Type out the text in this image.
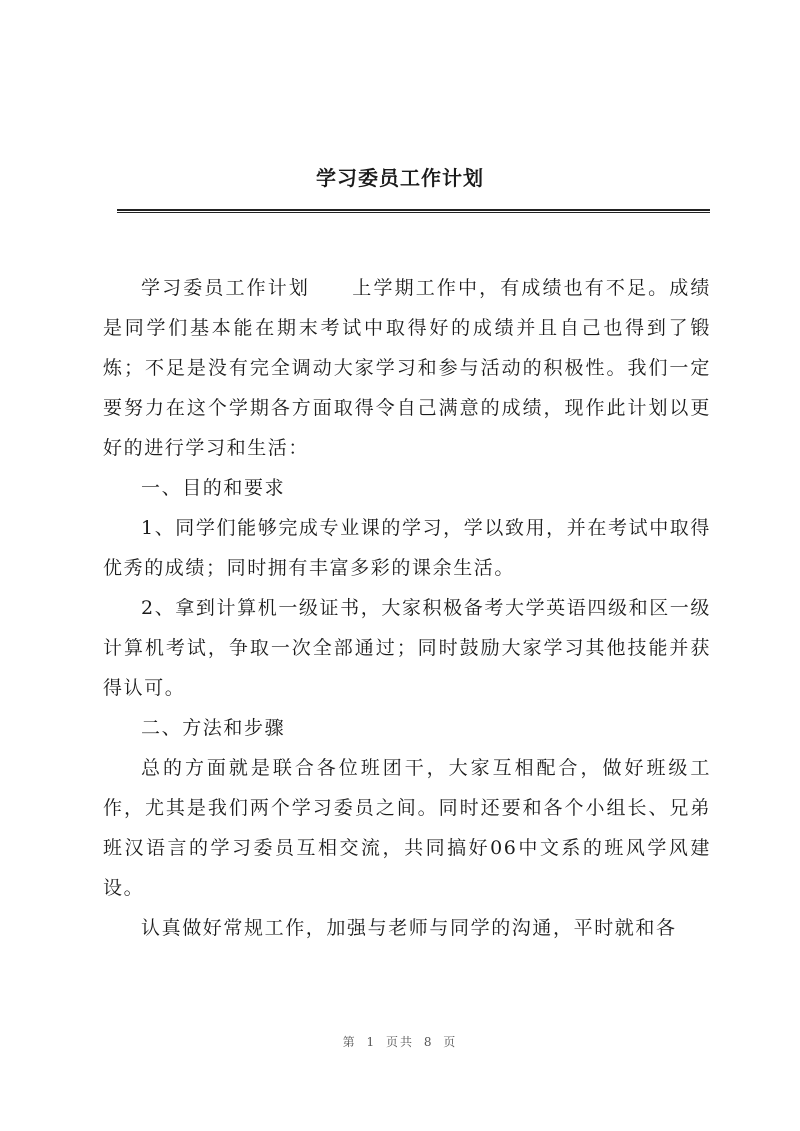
学习委员工作计划

学习委员工作计划　　上学期工作中，有成绩也有不足。成绩是同学们基本能在期末考试中取得好的成绩并且自己也得到了锻炼；不足是没有完全调动大家学习和参与活动的积极性。我们一定要努力在这个学期各方面取得令自己满意的成绩，现作此计划以更好的进行学习和生活：

一、目的和要求

1、同学们能够完成专业课的学习，学以致用，并在考试中取得优秀的成绩；同时拥有丰富多彩的课余生活。

2、拿到计算机一级证书，大家积极备考大学英语四级和区一级计算机考试，争取一次全部通过；同时鼓励大家学习其他技能并获得认可。

二、方法和步骤

总的方面就是联合各位班团干，大家互相配合，做好班级工作，尤其是我们两个学习委员之间。同时还要和各个小组长、兄弟班汉语言的学习委员互相交流，共同搞好06中文系的班风学风建设。

认真做好常规工作，加强与老师与同学的沟通，平时就和各

第 1 页共 8 页
